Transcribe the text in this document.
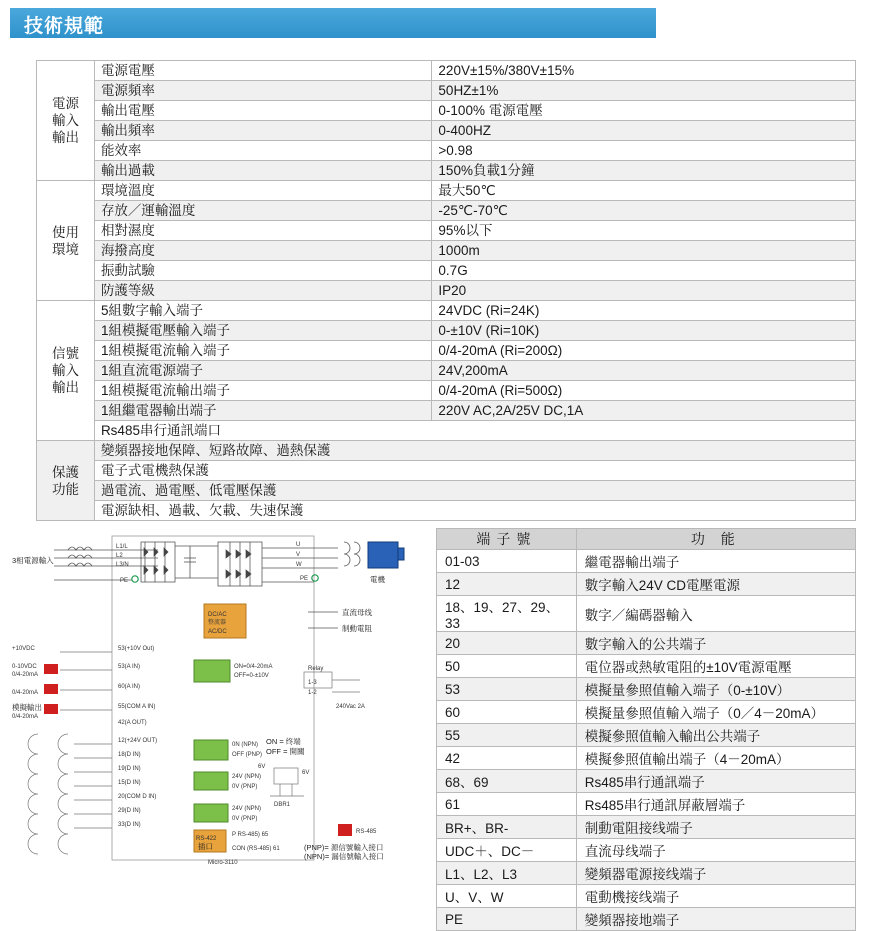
技術規範
電源
輸入
輸出	電源電壓	220V±15%/380V±15%
	電源頻率	50HZ±1%
	輸出電壓	0-100% 電源電壓
	輸出頻率	0-400HZ
	能效率	>0.98
	輸出過載	150%負載1分鐘

使用
環境	環境溫度	最大50℃
	存放／運輸溫度	-25℃-70℃
	相對濕度	95%以下
	海撥高度	1000m
	振動試驗	0.7G
	防護等級	IP20

信號
輸入
輸出	5組數字輸入端子	24VDC (Ri=24K)
	1組模擬電壓輸入端子	0-±10V (Ri=10K)
	1組模擬電流輸入端子	0/4-20mA (Ri=200Ω)
	1組直流電源端子	24V,200mA
	1組模擬電流輸出端子	0/4-20mA (Ri=500Ω)
	1組繼電器輸出端子	220V AC,2A/25V DC,1A
	Rs485串行通訊端口	

保護
功能	變頻器接地保障、短路故障、過熱保護	
	電子式電機熱保護	
	過電流、過電壓、低電壓保護	
	電源缺相、過載、欠載、失速保護	
3相電源輸入
L1/L
L2
L3/N
PE
U
V
W
PE	電機
直流母线
制動電阻
DC/AC
整流器
AC/DC
+10VDC
0-10VDC
0/4-20mA
0/4-20mA
模擬輸出
0/4-20mA
53(+10V Out)
53(A IN)
60(A IN)
55(COM A IN)
42(A OUT)
ON=0/4-20mA
OFF=0-±10V
Relay
1-3
1-2
240Vac 2A
12(+24V OUT)
18(D IN)
19(D IN)
15(D IN)
20(COM D IN)
29(D IN)
33(D IN)
0N (NPN)
OFF (PNP)
24V (NPN)
0V (PNP)
24V (NPN)
0V (PNP)
ON = 终端
OFF = 開關
6V
6V
DBR1
RS-422
插口
P RS-485) 65
CON (RS-485) 61
RS-485
(PNP)= 源信號輸入接口
(NPN)= 漏信號輸入接口
Micro-3110
端子號	功 能
01-03	繼電器輸出端子
12	數字輸入24V CD電壓電源
18、19、27、29、33	數字／編碼器輸入
20	數字輸入的公共端子
50	電位器或熱敏電阻的±10V電源電壓
53	模擬量參照值輸入端子（0-±10V）
60	模擬量參照值輸入端子（0／4－20mA）
55	模擬參照值輸入輸出公共端子
42	模擬參照值輸出端子（4－20mA）
68、69	Rs485串行通訊端子
61	Rs485串行通訊屏蔽層端子
BR+、BR-	制動電阻接线端子
UDC＋、DC－	直流母线端子
L1、L2、L3	變頻器電源接线端子
U、V、W	電動機接线端子
PE	變頻器接地端子
